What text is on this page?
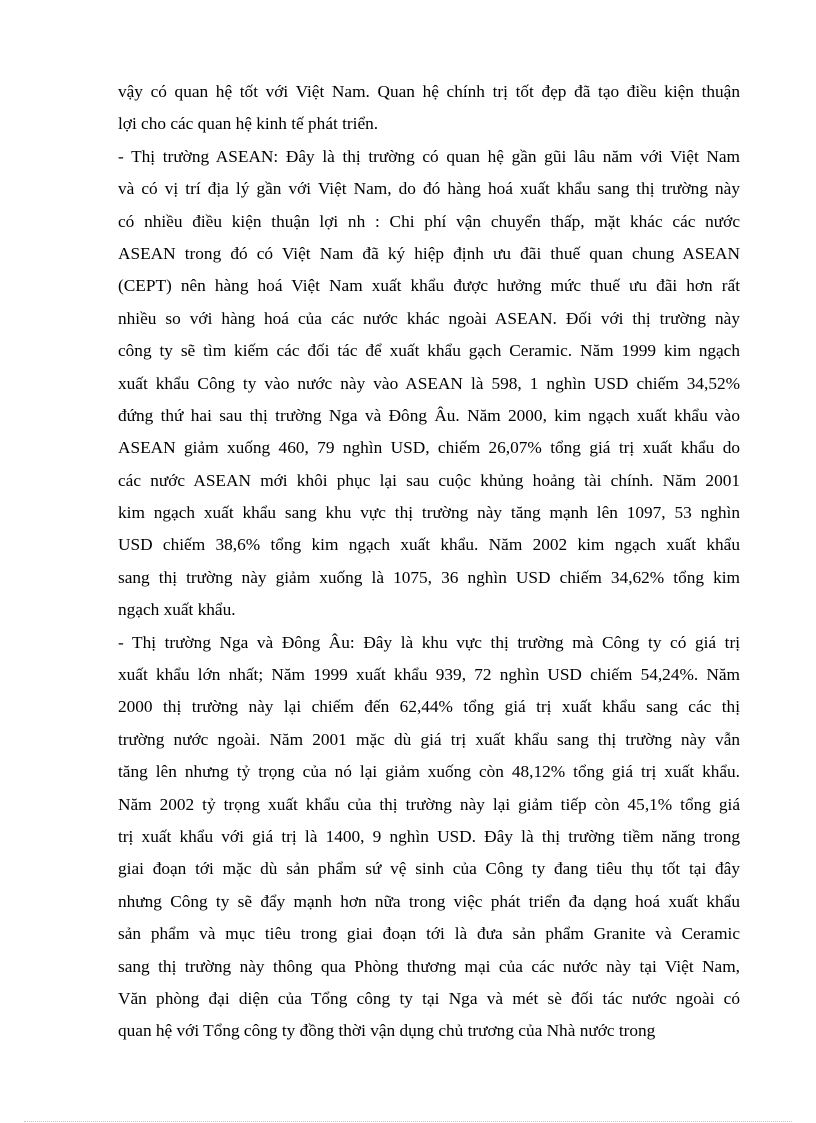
vậy có quan hệ tốt với Việt Nam. Quan hệ chính trị tốt đẹp đã tạo điều kiện thuận
lợi cho các quan hệ kinh tế phát triển.
- Thị trường ASEAN: Đây là thị trường có quan hệ gần gũi lâu năm với Việt Nam
và có vị trí địa lý gần với Việt Nam, do đó hàng hoá xuất khẩu sang thị trường này
có nhiều điều kiện thuận lợi nh : Chi phí vận chuyển thấp, mặt khác các nước
ASEAN trong đó có Việt Nam đã ký hiệp định ưu đãi thuế quan chung ASEAN
(CEPT) nên hàng hoá Việt Nam xuất khẩu được hưởng mức thuế ưu đãi hơn rất
nhiều so với hàng hoá của các nước khác ngoài ASEAN. Đối với thị trường này
công ty sẽ tìm kiếm các đối tác để xuất khẩu gạch Ceramic. Năm 1999 kim ngạch
xuất khẩu Công ty vào nước này vào ASEAN là 598, 1 nghìn USD chiếm 34,52%
đứng thứ hai sau thị trường Nga và Đông Âu. Năm 2000, kim ngạch xuất khẩu vào
ASEAN giảm xuống 460, 79 nghìn USD, chiếm 26,07% tổng giá trị xuất khẩu do
các nước ASEAN mới khôi phục lại sau cuộc khủng hoảng tài chính. Năm 2001
kim ngạch xuất khẩu sang khu vực thị trường này tăng mạnh lên 1097, 53 nghìn
USD chiếm 38,6% tổng kim ngạch xuất khẩu. Năm 2002 kim ngạch xuất khẩu
sang thị trường này giảm xuống là 1075, 36 nghìn USD chiếm 34,62% tổng kim
ngạch xuất khẩu.
- Thị trường Nga và Đông Âu: Đây là khu vực thị trường mà Công ty có giá trị
xuất khẩu lớn nhất; Năm 1999 xuất khẩu 939, 72 nghìn USD chiếm 54,24%. Năm
2000 thị trường này lại chiếm đến 62,44% tổng giá trị xuất khẩu sang các thị
trường nước ngoài. Năm 2001 mặc dù giá trị xuất khẩu sang thị trường này vẫn
tăng lên nhưng tỷ trọng của nó lại giảm xuống còn 48,12% tổng giá trị xuất khẩu.
Năm 2002 tỷ trọng xuất khẩu của thị trường này lại giảm tiếp còn 45,1% tổng giá
trị xuất khẩu với giá trị là 1400, 9 nghìn USD. Đây là thị trường tiềm năng trong
giai đoạn tới mặc dù sản phẩm sứ vệ sinh của Công ty đang tiêu thụ tốt tại đây
nhưng Công ty sẽ đẩy mạnh hơn nữa trong việc phát triển đa dạng hoá xuất khẩu
sản phẩm và mục tiêu trong giai đoạn tới là đưa sản phẩm Granite và Ceramic
sang thị trường này thông qua Phòng thương mại của các nước này tại Việt Nam,
Văn phòng đại diện của Tổng công ty tại Nga và mét sè đối tác nước ngoài có
quan hệ với Tổng công ty đồng thời vận dụng chủ trương của Nhà nước trong
